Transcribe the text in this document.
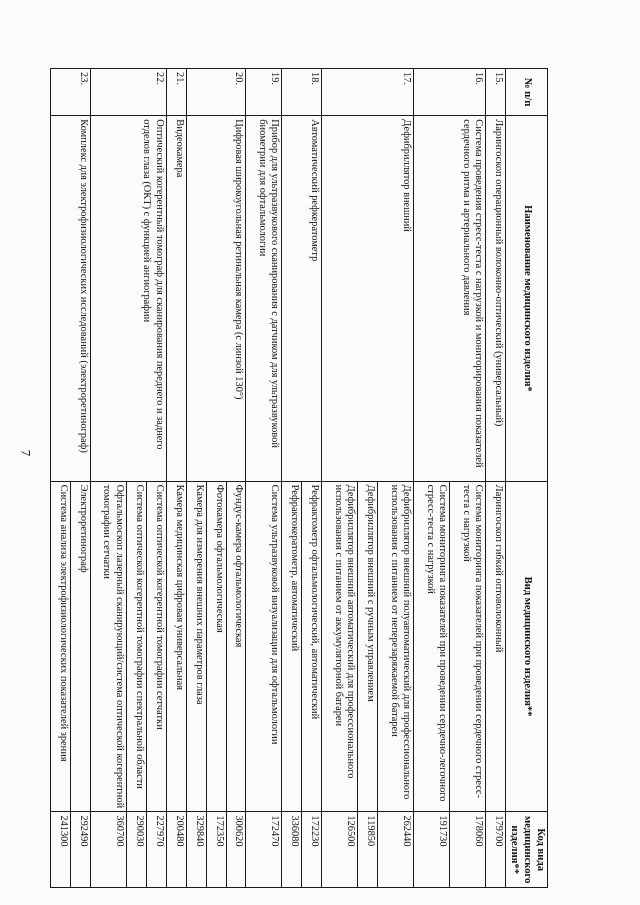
7
№ п/п	Наименование медицинского изделия*	Вид медицинского изделия**	Код вида медицинского изделия**
15.	Ларингоскоп операционный волоконно-оптический (универсальный)	Ларингоскоп гибкий оптоволоконный	179700
16.	Система проведения стресс-теста с нагрузкой и мониторирования показателей сердечного ритма и артериального давления	Система мониторинга показателей при проведении сердечного стресс-теста с нагрузкой	178060
		Система мониторинга показателей при проведении сердечно-легочного стресс-теста с нагрузкой	191730
17.	Дефибриллятор внешний	Дефибриллятор внешний полуавтоматический для профессионального использования с питанием от неперезаряжаемой батареи	262440
		Дефибриллятор внешний с ручным управлением	119850
		Дефибриллятор внешний автоматический для профессионального использования с питанием от аккумуляторной батареи	126500
18.	Автоматический рефкератометр	Рефрактометр офтальмологический, автоматический	172230
		Рефрактокератометр, автоматический	336080
19.	Прибор для ультразвукового сканирования с датчиком для ультразвуковой биометрии для офтальмологии	Система ультразвуковой визуализации для офтальмологии	172470
20.	Цифровая широкоугольная ретинальная камера (с линзой 130°)	Фундус-камера офтальмологическая	300620
		Фотокамера офтальмологическая	172350
		Камера для измерения внешних параметров глаза	329840
21.	Видеокамера	Камера медицинская цифровая универсальная	200480
22.	Оптический когерентный томограф для сканирования переднего и заднего отделов глаза (ОКТ) с функцией ангиографии	Система оптической когерентной томографии сетчатки	227970
		Система оптической когерентной томографии спектральной области	290030
		Офтальмоскоп лазерный сканирующий/система оптической когерентной томографии сетчатки	360700
23.	Комплекс для электрофизиологических исследований (электроретинограф)	Электроретинограф	292490
		Система анализа электрофизиологических показателей зрения	241300
